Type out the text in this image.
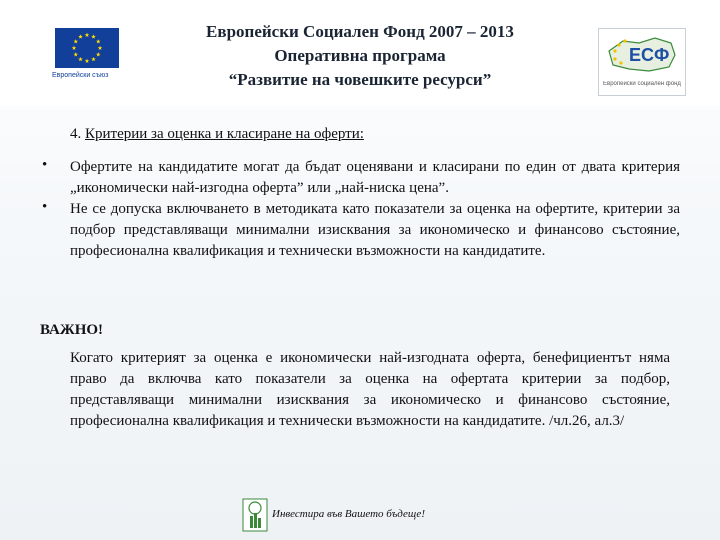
Европейски съюз
Европейски Социален Фонд 2007 – 2013
Оперативна програма
“Развитие на човешките ресурси”
ЕСФ
Европейски социален фонд
4. Критерии за оценка и класиране на оферти:
• Офертите на кандидатите могат да бъдат оценявани и класирани по един от двата критерия „икономически най-изгодна оферта” или „най-ниска цена”.
• Не се допуска включването в методиката като показатели за оценка на офертите, критерии за подбор представляващи минимални изисквания за икономическо и финансово състояние, професионална квалификация и технически възможности на кандидатите.
ВАЖНО!
Когато критерият за оценка е икономически най-изгодната оферта, бенефициентът няма право да включва като показатели за оценка на офертата критерии за подбор, представляващи минимални изисквания за икономическо и финансово състояние, професионална квалификация и технически възможности на кандидатите. /чл.26, ал.3/
Инвестира във Вашето бъдеще!
